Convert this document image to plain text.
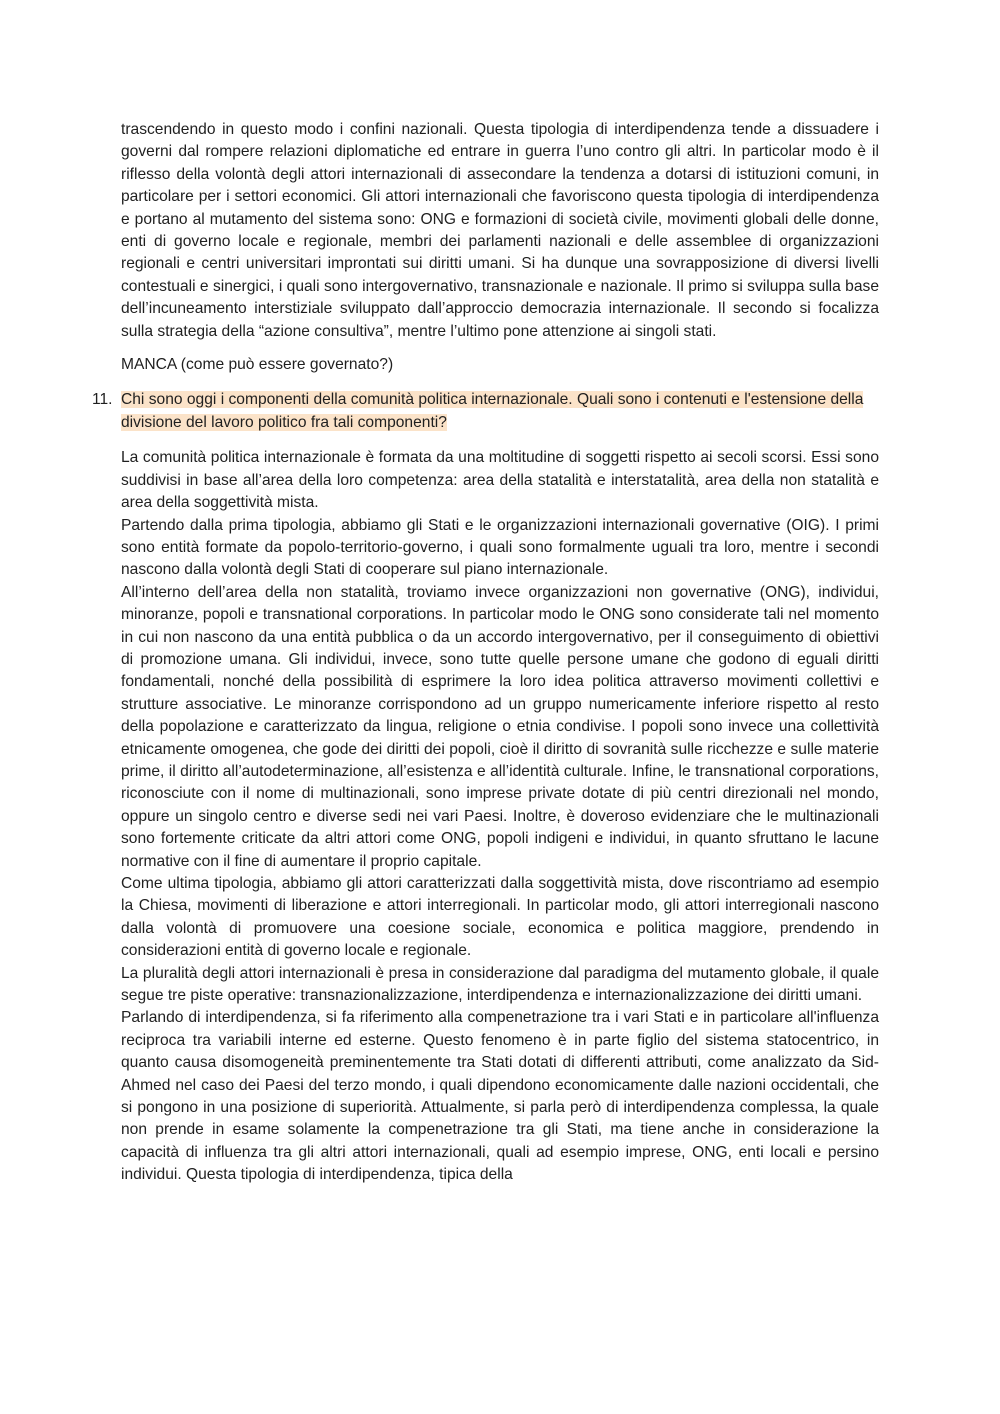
trascendendo in questo modo i confini nazionali. Questa tipologia di interdipendenza tende a dissuadere i governi dal rompere relazioni diplomatiche ed entrare in guerra l’uno contro gli altri. In particolar modo è il riflesso della volontà degli attori internazionali di assecondare la tendenza a dotarsi di istituzioni comuni, in particolare per i settori economici. Gli attori internazionali che favoriscono questa tipologia di interdipendenza e portano al mutamento del sistema sono: ONG e formazioni di società civile, movimenti globali delle donne, enti di governo locale e regionale, membri dei parlamenti nazionali e delle assemblee di organizzazioni regionali e centri universitari improntati sui diritti umani. Si ha dunque una sovrapposizione di diversi livelli contestuali e sinergici, i quali sono intergovernativo, transnazionale e nazionale. Il primo si sviluppa sulla base dell’incuneamento interstiziale sviluppato dall’approccio democrazia internazionale. Il secondo si focalizza sulla strategia della “azione consultiva”, mentre l’ultimo pone attenzione ai singoli stati.

MANCA (come può essere governato?)

11. Chi sono oggi i componenti della comunità politica internazionale. Quali sono i contenuti e l'estensione della divisione del lavoro politico fra tali componenti?

La comunità politica internazionale è formata da una moltitudine di soggetti rispetto ai secoli scorsi. Essi sono suddivisi in base all’area della loro competenza: area della statalità e interstatalità, area della non statalità e area della soggettività mista.

Partendo dalla prima tipologia, abbiamo gli Stati e le organizzazioni internazionali governative (OIG). I primi sono entità formate da popolo-territorio-governo, i quali sono formalmente uguali tra loro, mentre i secondi nascono dalla volontà degli Stati di cooperare sul piano internazionale.

All’interno dell’area della non statalità, troviamo invece organizzazioni non governative (ONG), individui, minoranze, popoli e transnational corporations. In particolar modo le ONG sono considerate tali nel momento in cui non nascono da una entità pubblica o da un accordo intergovernativo, per il conseguimento di obiettivi di promozione umana. Gli individui, invece, sono tutte quelle persone umane che godono di eguali diritti fondamentali, nonché della possibilità di esprimere la loro idea politica attraverso movimenti collettivi e strutture associative. Le minoranze corrispondono ad un gruppo numericamente inferiore rispetto al resto della popolazione e caratterizzato da lingua, religione o etnia condivise. I popoli sono invece una collettività etnicamente omogenea, che gode dei diritti dei popoli, cioè il diritto di sovranità sulle ricchezze e sulle materie prime, il diritto all’autodeterminazione, all’esistenza e all’identità culturale. Infine, le transnational corporations, riconosciute con il nome di multinazionali, sono imprese private dotate di più centri direzionali nel mondo, oppure un singolo centro e diverse sedi nei vari Paesi. Inoltre, è doveroso evidenziare che le multinazionali sono fortemente criticate da altri attori come ONG, popoli indigeni e individui, in quanto sfruttano le lacune normative con il fine di aumentare il proprio capitale.

Come ultima tipologia, abbiamo gli attori caratterizzati dalla soggettività mista, dove riscontriamo ad esempio la Chiesa, movimenti di liberazione e attori interregionali. In particolar modo, gli attori interregionali nascono dalla volontà di promuovere una coesione sociale, economica e politica maggiore, prendendo in considerazioni entità di governo locale e regionale.

La pluralità degli attori internazionali è presa in considerazione dal paradigma del mutamento globale, il quale segue tre piste operative: transnazionalizzazione, interdipendenza e internazionalizzazione dei diritti umani.

Parlando di interdipendenza, si fa riferimento alla compenetrazione tra i vari Stati e in particolare all'influenza reciproca tra variabili interne ed esterne. Questo fenomeno è in parte figlio del sistema statocentrico, in quanto causa disomogeneità preminentemente tra Stati dotati di differenti attributi, come analizzato da Sid-Ahmed nel caso dei Paesi del terzo mondo, i quali dipendono economicamente dalle nazioni occidentali, che si pongono in una posizione di superiorità. Attualmente, si parla però di interdipendenza complessa, la quale non prende in esame solamente la compenetrazione tra gli Stati, ma tiene anche in considerazione la capacità di influenza tra gli altri attori internazionali, quali ad esempio imprese, ONG, enti locali e persino individui. Questa tipologia di interdipendenza, tipica della
